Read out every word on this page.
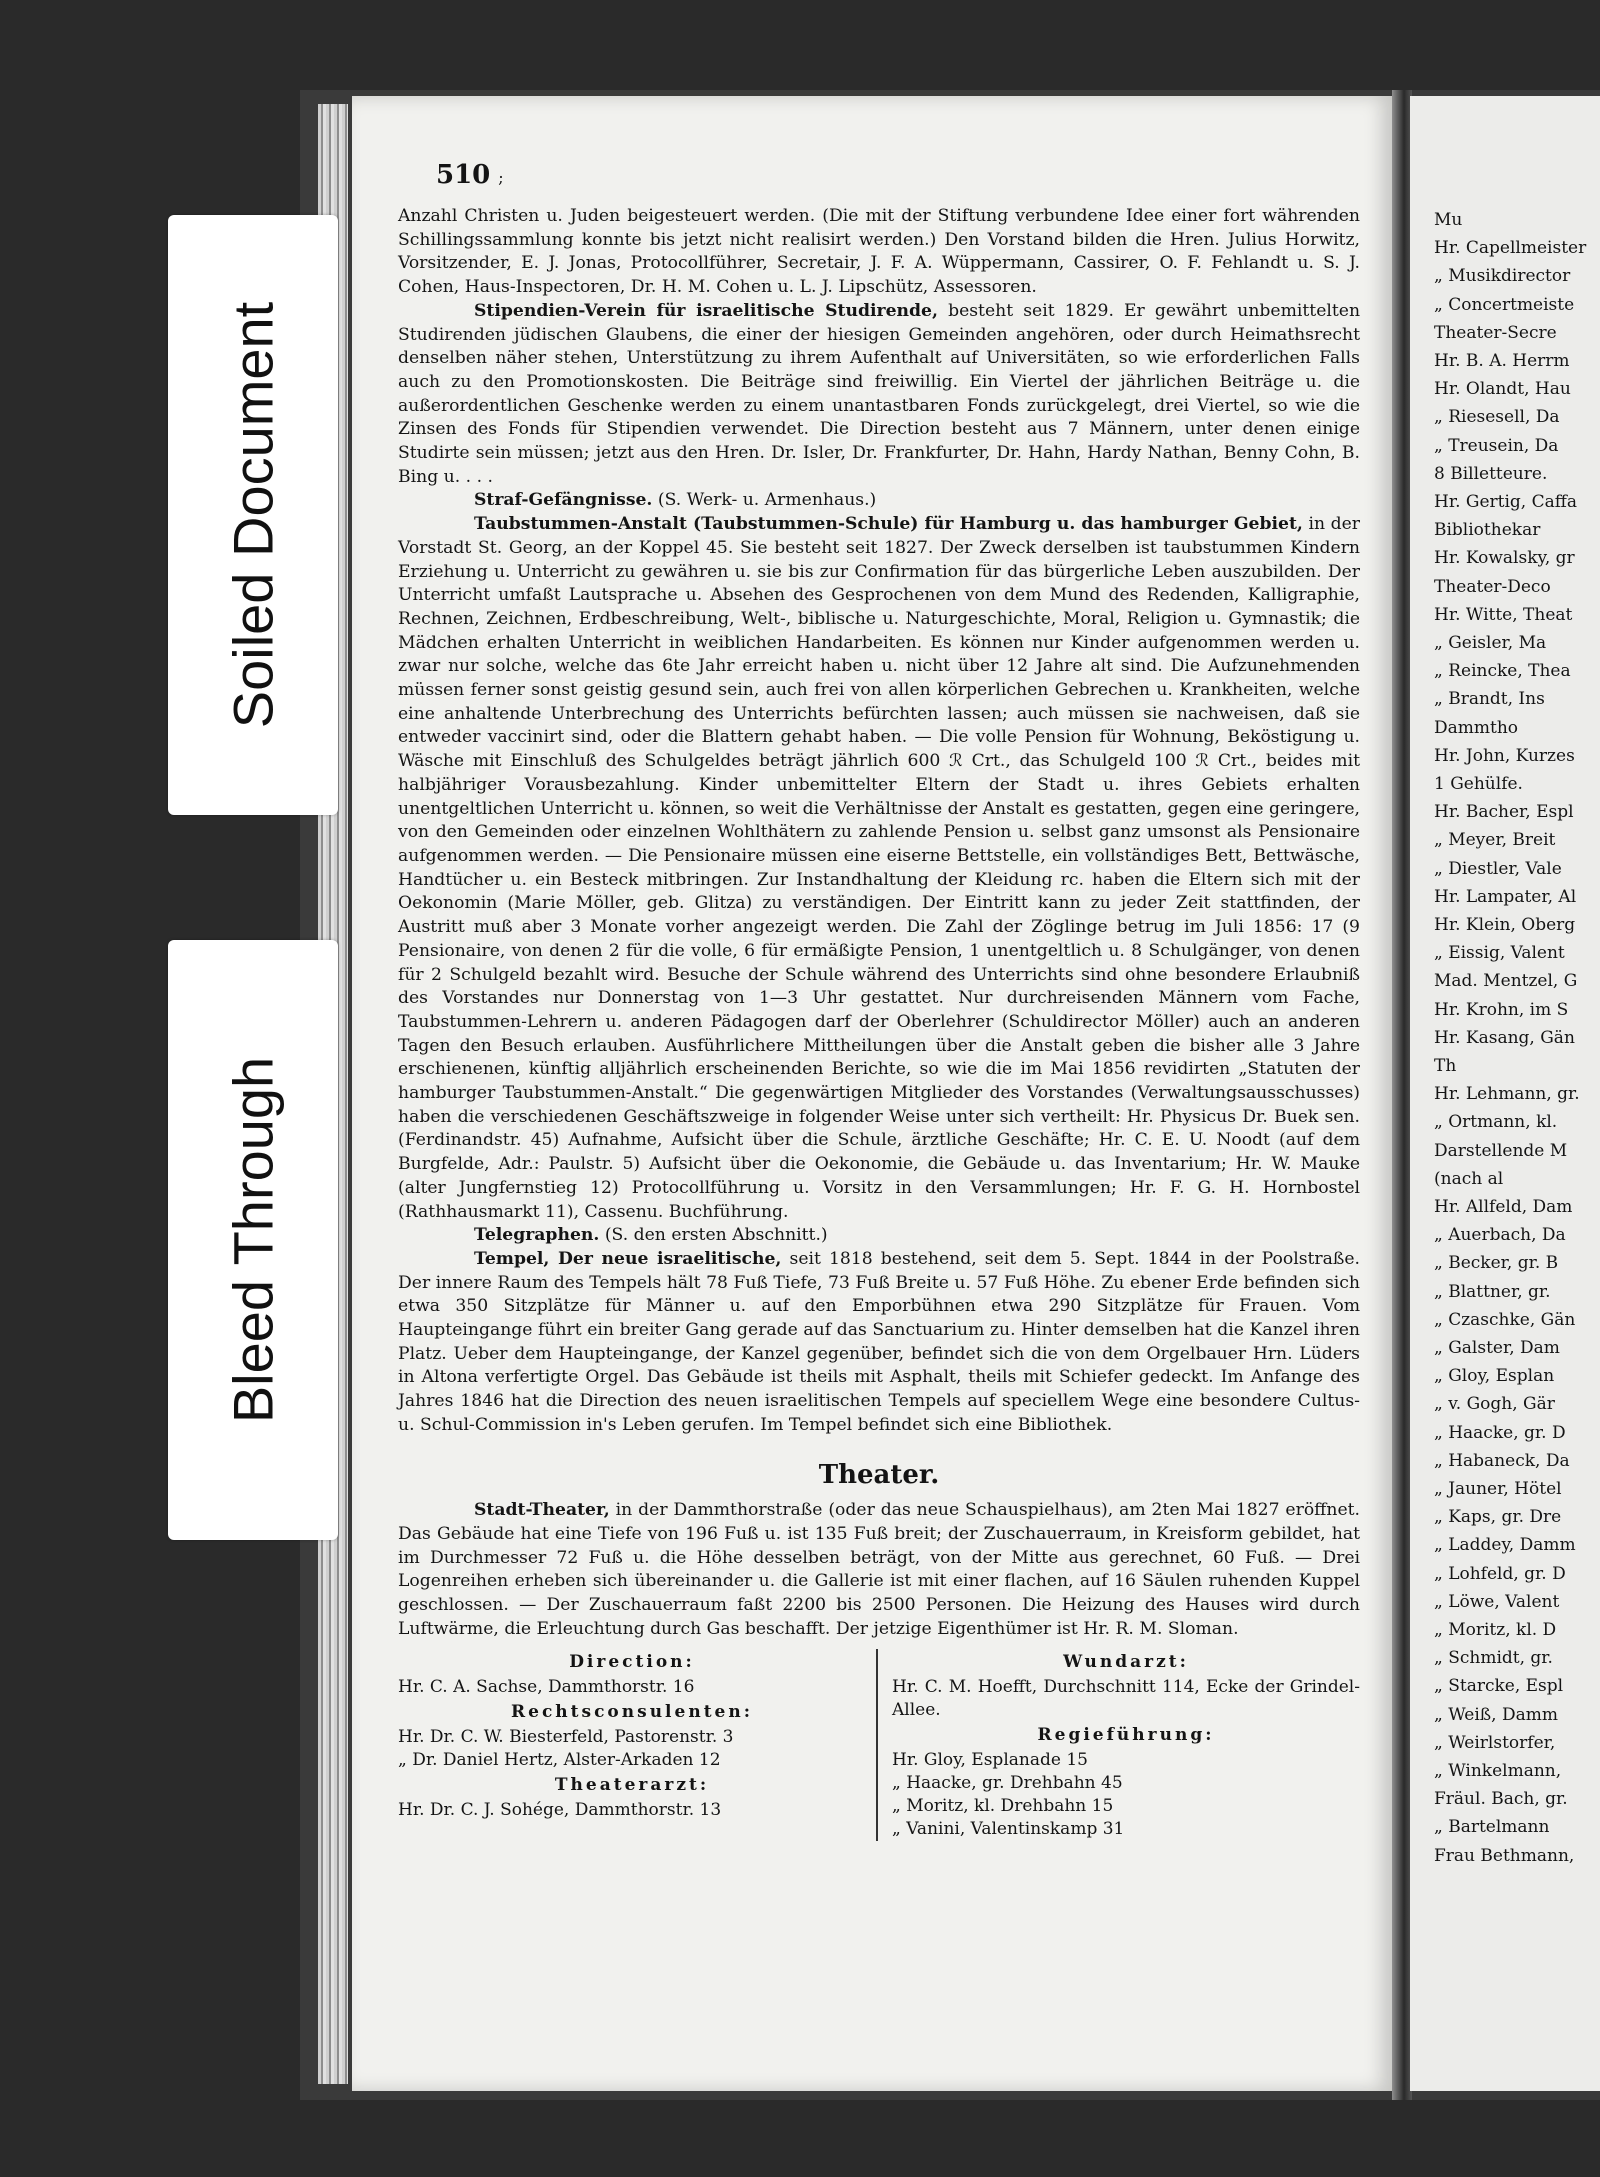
Soiled Document
Bleed Through
Mu
Hr. Capellmeister
„ Musikdirector
„ Concertmeiste
Theater-Secre
Hr. B. A. Herrm
Hr. Olandt, Hau
„ Riesesell, Da
„ Treusein, Da
8 Billetteure.
Hr. Gertig, Caffa
Bibliothekar
Hr. Kowalsky, gr
Theater-Deco
Hr. Witte, Theat
„ Geisler, Ma
„ Reincke, Thea
„ Brandt, Ins
Dammtho
Hr. John, Kurzes
1 Gehülfe.
Hr. Bacher, Espl
„ Meyer, Breit
„ Diestler, Vale
Hr. Lampater, Al
Hr. Klein, Oberg
„ Eissig, Valent
Mad. Mentzel, G
Hr. Krohn, im S
Hr. Kasang, Gän
Th
Hr. Lehmann, gr.
„ Ortmann, kl.
Darstellende M
(nach al
Hr. Allfeld, Dam
„ Auerbach, Da
„ Becker, gr. B
„ Blattner, gr.
„ Czaschke, Gän
„ Galster, Dam
„ Gloy, Esplan
„ v. Gogh, Gär
„ Haacke, gr. D
„ Habaneck, Da
„ Jauner, Hötel
„ Kaps, gr. Dre
„ Laddey, Damm
„ Lohfeld, gr. D
„ Löwe, Valent
„ Moritz, kl. D
„ Schmidt, gr.
„ Starcke, Espl
„ Weiß, Damm
„ Weirlstorfer,
„ Winkelmann,
Fräul. Bach, gr.
„ Bartelmann
Frau Bethmann,
510 ;

Anzahl Christen u. Juden beigesteuert werden. (Die mit der Stiftung verbundene Idee einer fort währenden Schillingssammlung konnte bis jetzt nicht realisirt werden.) Den Vorstand bilden die Hren. Julius Horwitz, Vorsitzender, E. J. Jonas, Protocollführer, Secretair, J. F. A. Wüppermann, Cassirer, O. F. Fehlandt u. S. J. Cohen, Haus-Inspectoren, Dr. H. M. Cohen u. L. J. Lipschütz, Assessoren.

Stipendien-Verein für israelitische Studirende, besteht seit 1829. Er gewährt unbemittelten Studirenden jüdischen Glaubens, die einer der hiesigen Gemeinden angehören, oder durch Heimathsrecht denselben näher stehen, Unterstützung zu ihrem Aufenthalt auf Universitäten, so wie erforderlichen Falls auch zu den Promotionskosten. Die Beiträge sind freiwillig. Ein Viertel der jährlichen Beiträge u. die außerordentlichen Geschenke werden zu einem unantastbaren Fonds zurückgelegt, drei Viertel, so wie die Zinsen des Fonds für Stipendien verwendet. Die Direction besteht aus 7 Männern, unter denen einige Studirte sein müssen; jetzt aus den Hren. Dr. Isler, Dr. Frankfurter, Dr. Hahn, Hardy Nathan, Benny Cohn, B. Bing u. . . .

Straf-Gefängnisse. (S. Werk- u. Armenhaus.)

Taubstummen-Anstalt (Taubstummen-Schule) für Hamburg u. das hamburger Gebiet, in der Vorstadt St. Georg, an der Koppel 45. Sie besteht seit 1827. Der Zweck derselben ist taubstummen Kindern Erziehung u. Unterricht zu gewähren u. sie bis zur Confirmation für das bürgerliche Leben auszubilden. Der Unterricht umfaßt Lautsprache u. Absehen des Gesprochenen von dem Mund des Redenden, Kalligraphie, Rechnen, Zeichnen, Erdbeschreibung, Welt-, biblische u. Naturgeschichte, Moral, Religion u. Gymnastik; die Mädchen erhalten Unterricht in weiblichen Handarbeiten. Es können nur Kinder aufgenommen werden u. zwar nur solche, welche das 6te Jahr erreicht haben u. nicht über 12 Jahre alt sind. Die Aufzunehmenden müssen ferner sonst geistig gesund sein, auch frei von allen körperlichen Gebrechen u. Krankheiten, welche eine anhaltende Unterbrechung des Unterrichts befürchten lassen; auch müssen sie nachweisen, daß sie entweder vaccinirt sind, oder die Blattern gehabt haben. — Die volle Pension für Wohnung, Beköstigung u. Wäsche mit Einschluß des Schulgeldes beträgt jährlich 600 ℛ Crt., das Schulgeld 100 ℛ Crt., beides mit halbjähriger Vorausbezahlung. Kinder unbemittelter Eltern der Stadt u. ihres Gebiets erhalten unentgeltlichen Unterricht u. können, so weit die Verhältnisse der Anstalt es gestatten, gegen eine geringere, von den Gemeinden oder einzelnen Wohlthätern zu zahlende Pension u. selbst ganz umsonst als Pensionaire aufgenommen werden. — Die Pensionaire müssen eine eiserne Bettstelle, ein vollständiges Bett, Bettwäsche, Handtücher u. ein Besteck mitbringen. Zur Instandhaltung der Kleidung rc. haben die Eltern sich mit der Oekonomin (Marie Möller, geb. Glitza) zu verständigen. Der Eintritt kann zu jeder Zeit stattfinden, der Austritt muß aber 3 Monate vorher angezeigt werden. Die Zahl der Zöglinge betrug im Juli 1856: 17 (9 Pensionaire, von denen 2 für die volle, 6 für ermäßigte Pension, 1 unentgeltlich u. 8 Schulgänger, von denen für 2 Schulgeld bezahlt wird. Besuche der Schule während des Unterrichts sind ohne besondere Erlaubniß des Vorstandes nur Donnerstag von 1—3 Uhr gestattet. Nur durchreisenden Männern vom Fache, Taubstummen-Lehrern u. anderen Pädagogen darf der Oberlehrer (Schuldirector Möller) auch an anderen Tagen den Besuch erlauben. Ausführlichere Mittheilungen über die Anstalt geben die bisher alle 3 Jahre erschienenen, künftig alljährlich erscheinenden Berichte, so wie die im Mai 1856 revidirten „Statuten der hamburger Taubstummen-Anstalt.“ Die gegenwärtigen Mitglieder des Vorstandes (Verwaltungsausschusses) haben die verschiedenen Geschäftszweige in folgender Weise unter sich vertheilt: Hr. Physicus Dr. Buek sen. (Ferdinandstr. 45) Aufnahme, Aufsicht über die Schule, ärztliche Geschäfte; Hr. C. E. U. Noodt (auf dem Burgfelde, Adr.: Paulstr. 5) Aufsicht über die Oekonomie, die Gebäude u. das Inventarium; Hr. W. Mauke (alter Jungfernstieg 12) Protocollführung u. Vorsitz in den Versammlungen; Hr. F. G. H. Hornbostel (Rathhausmarkt 11), Cassenu. Buchführung.

Telegraphen. (S. den ersten Abschnitt.)

Tempel, Der neue israelitische, seit 1818 bestehend, seit dem 5. Sept. 1844 in der Poolstraße. Der innere Raum des Tempels hält 78 Fuß Tiefe, 73 Fuß Breite u. 57 Fuß Höhe. Zu ebener Erde befinden sich etwa 350 Sitzplätze für Männer u. auf den Emporbühnen etwa 290 Sitzplätze für Frauen. Vom Haupteingange führt ein breiter Gang gerade auf das Sanctuarium zu. Hinter demselben hat die Kanzel ihren Platz. Ueber dem Haupteingange, der Kanzel gegenüber, befindet sich die von dem Orgelbauer Hrn. Lüders in Altona verfertigte Orgel. Das Gebäude ist theils mit Asphalt, theils mit Schiefer gedeckt. Im Anfange des Jahres 1846 hat die Direction des neuen israelitischen Tempels auf speciellem Wege eine besondere Cultus- u. Schul-Commission in's Leben gerufen. Im Tempel befindet sich eine Bibliothek.

Theater.

Stadt-Theater, in der Dammthorstraße (oder das neue Schauspielhaus), am 2ten Mai 1827 eröffnet. Das Gebäude hat eine Tiefe von 196 Fuß u. ist 135 Fuß breit; der Zuschauerraum, in Kreisform gebildet, hat im Durchmesser 72 Fuß u. die Höhe desselben beträgt, von der Mitte aus gerechnet, 60 Fuß. — Drei Logenreihen erheben sich übereinander u. die Gallerie ist mit einer flachen, auf 16 Säulen ruhenden Kuppel geschlossen. — Der Zuschauerraum faßt 2200 bis 2500 Personen. Die Heizung des Hauses wird durch Luftwärme, die Erleuchtung durch Gas beschafft. Der jetzige Eigenthümer ist Hr. R. M. Sloman.

Direction:
Hr. C. A. Sachse, Dammthorstr. 16
Rechtsconsulenten:
Hr. Dr. C. W. Biesterfeld, Pastorenstr. 3
„ Dr. Daniel Hertz, Alster-Arkaden 12
Theaterarzt:
Hr. Dr. C. J. Sohége, Dammthorstr. 13
Wundarzt:
Hr. C. M. Hoefft, Durchschnitt 114, Ecke der Grindel-Allee.
Regieführung:
Hr. Gloy, Esplanade 15
„ Haacke, gr. Drehbahn 45
„ Moritz, kl. Drehbahn 15
„ Vanini, Valentinskamp 31
